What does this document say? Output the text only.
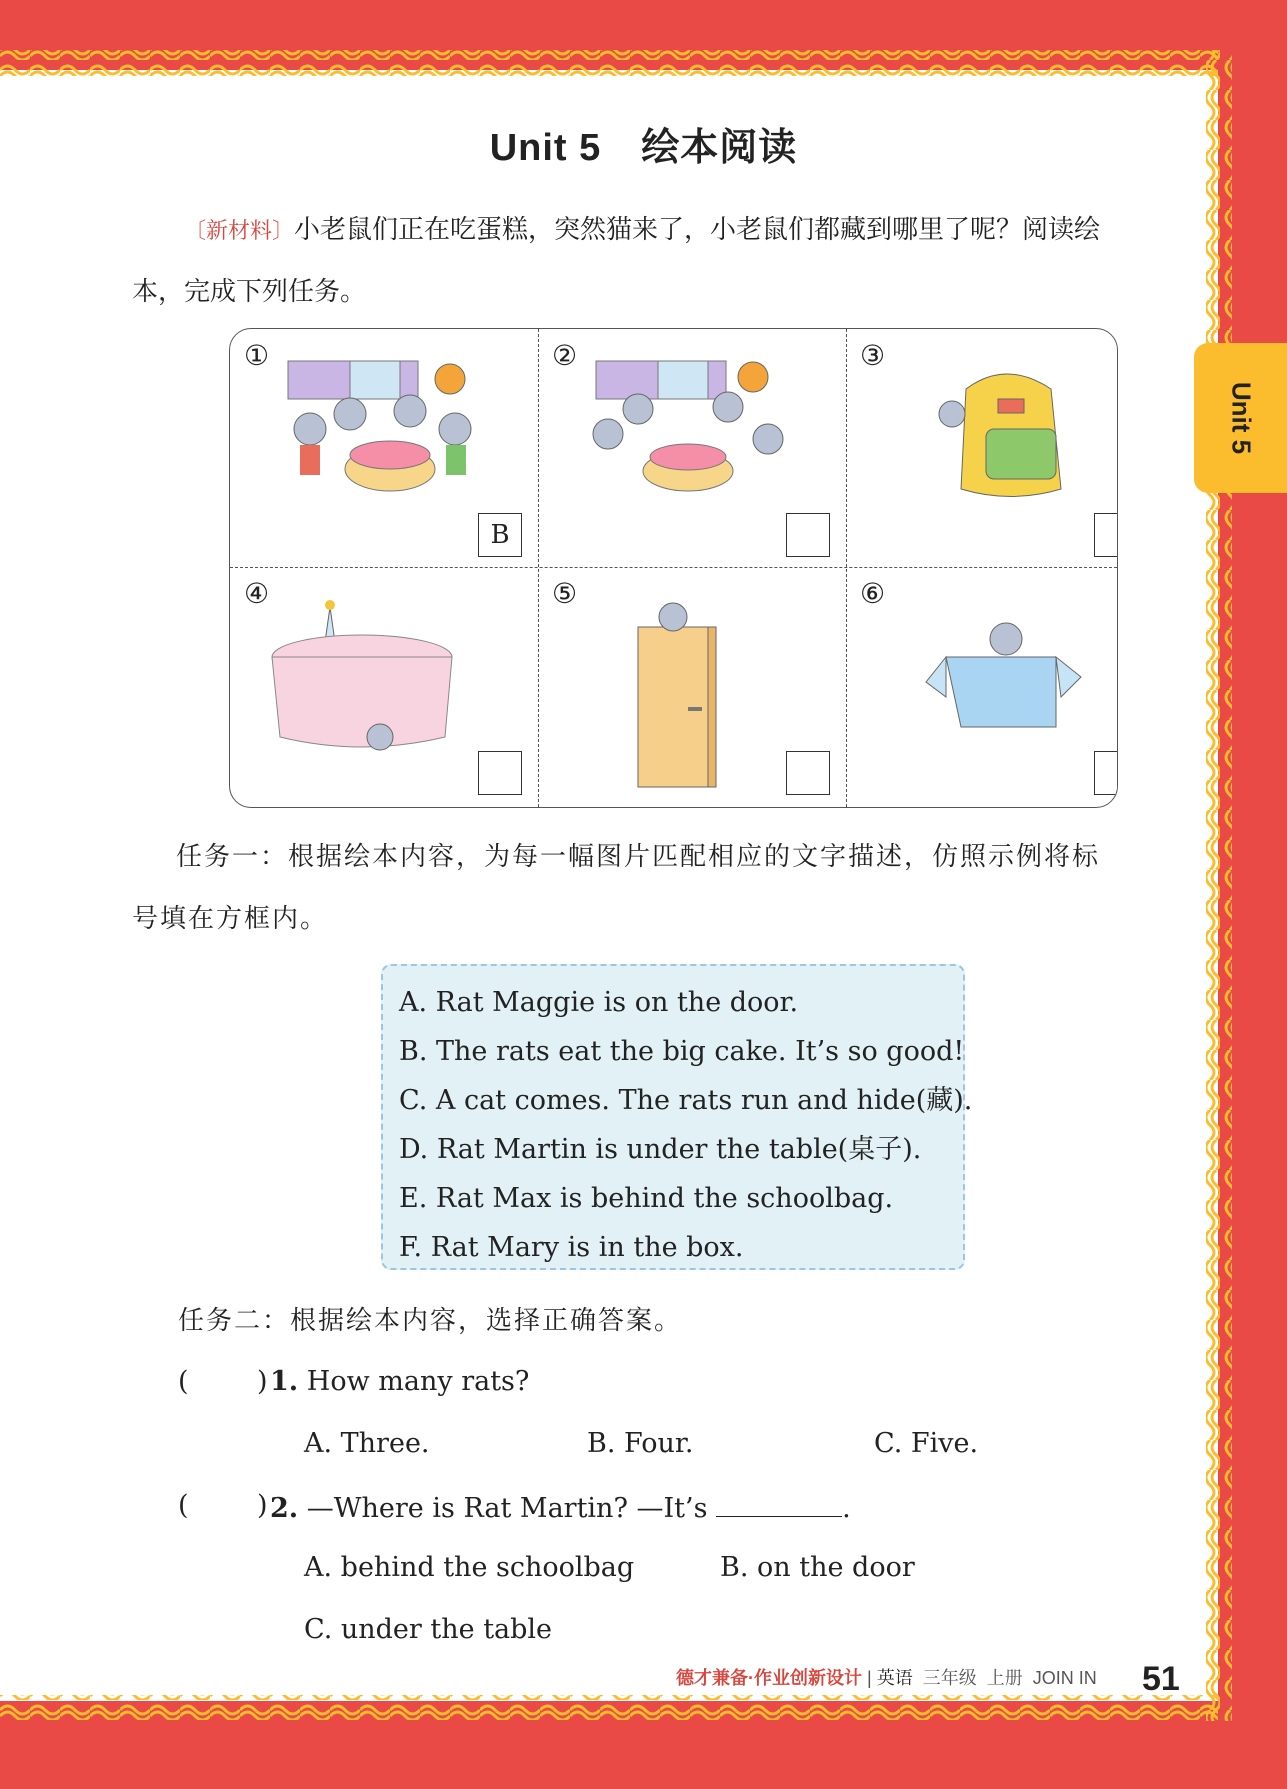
Unit 5
Unit 5 绘本阅读
〔新材料〕小老鼠们正在吃蛋糕，突然猫来了，小老鼠们都藏到哪里了呢？阅读绘
本，完成下列任务。
①
B
②	③
④	⑤	⑥
任务一：根据绘本内容，为每一幅图片匹配相应的文字描述，仿照示例将标
号填在方框内。
A. Rat Maggie is on the door.
B. The rats eat the big cake. It’s so good!
C. A cat comes. The rats run and hide(藏).
D. Rat Martin is under the table(桌子).
E. Rat Max is behind the schoolbag.
F. Rat Mary is in the box.
任务二：根据绘本内容，选择正确答案。
(	) 1. How many rats?
A. Three.	B. Four.	C. Five.
(	) 2. —Where is Rat Martin? —It’s	.
A. behind the schoolbag	B. on the door
C. under the table
德才兼备·作业创新设计 | 英语 三年级 上册 JOIN IN 51
